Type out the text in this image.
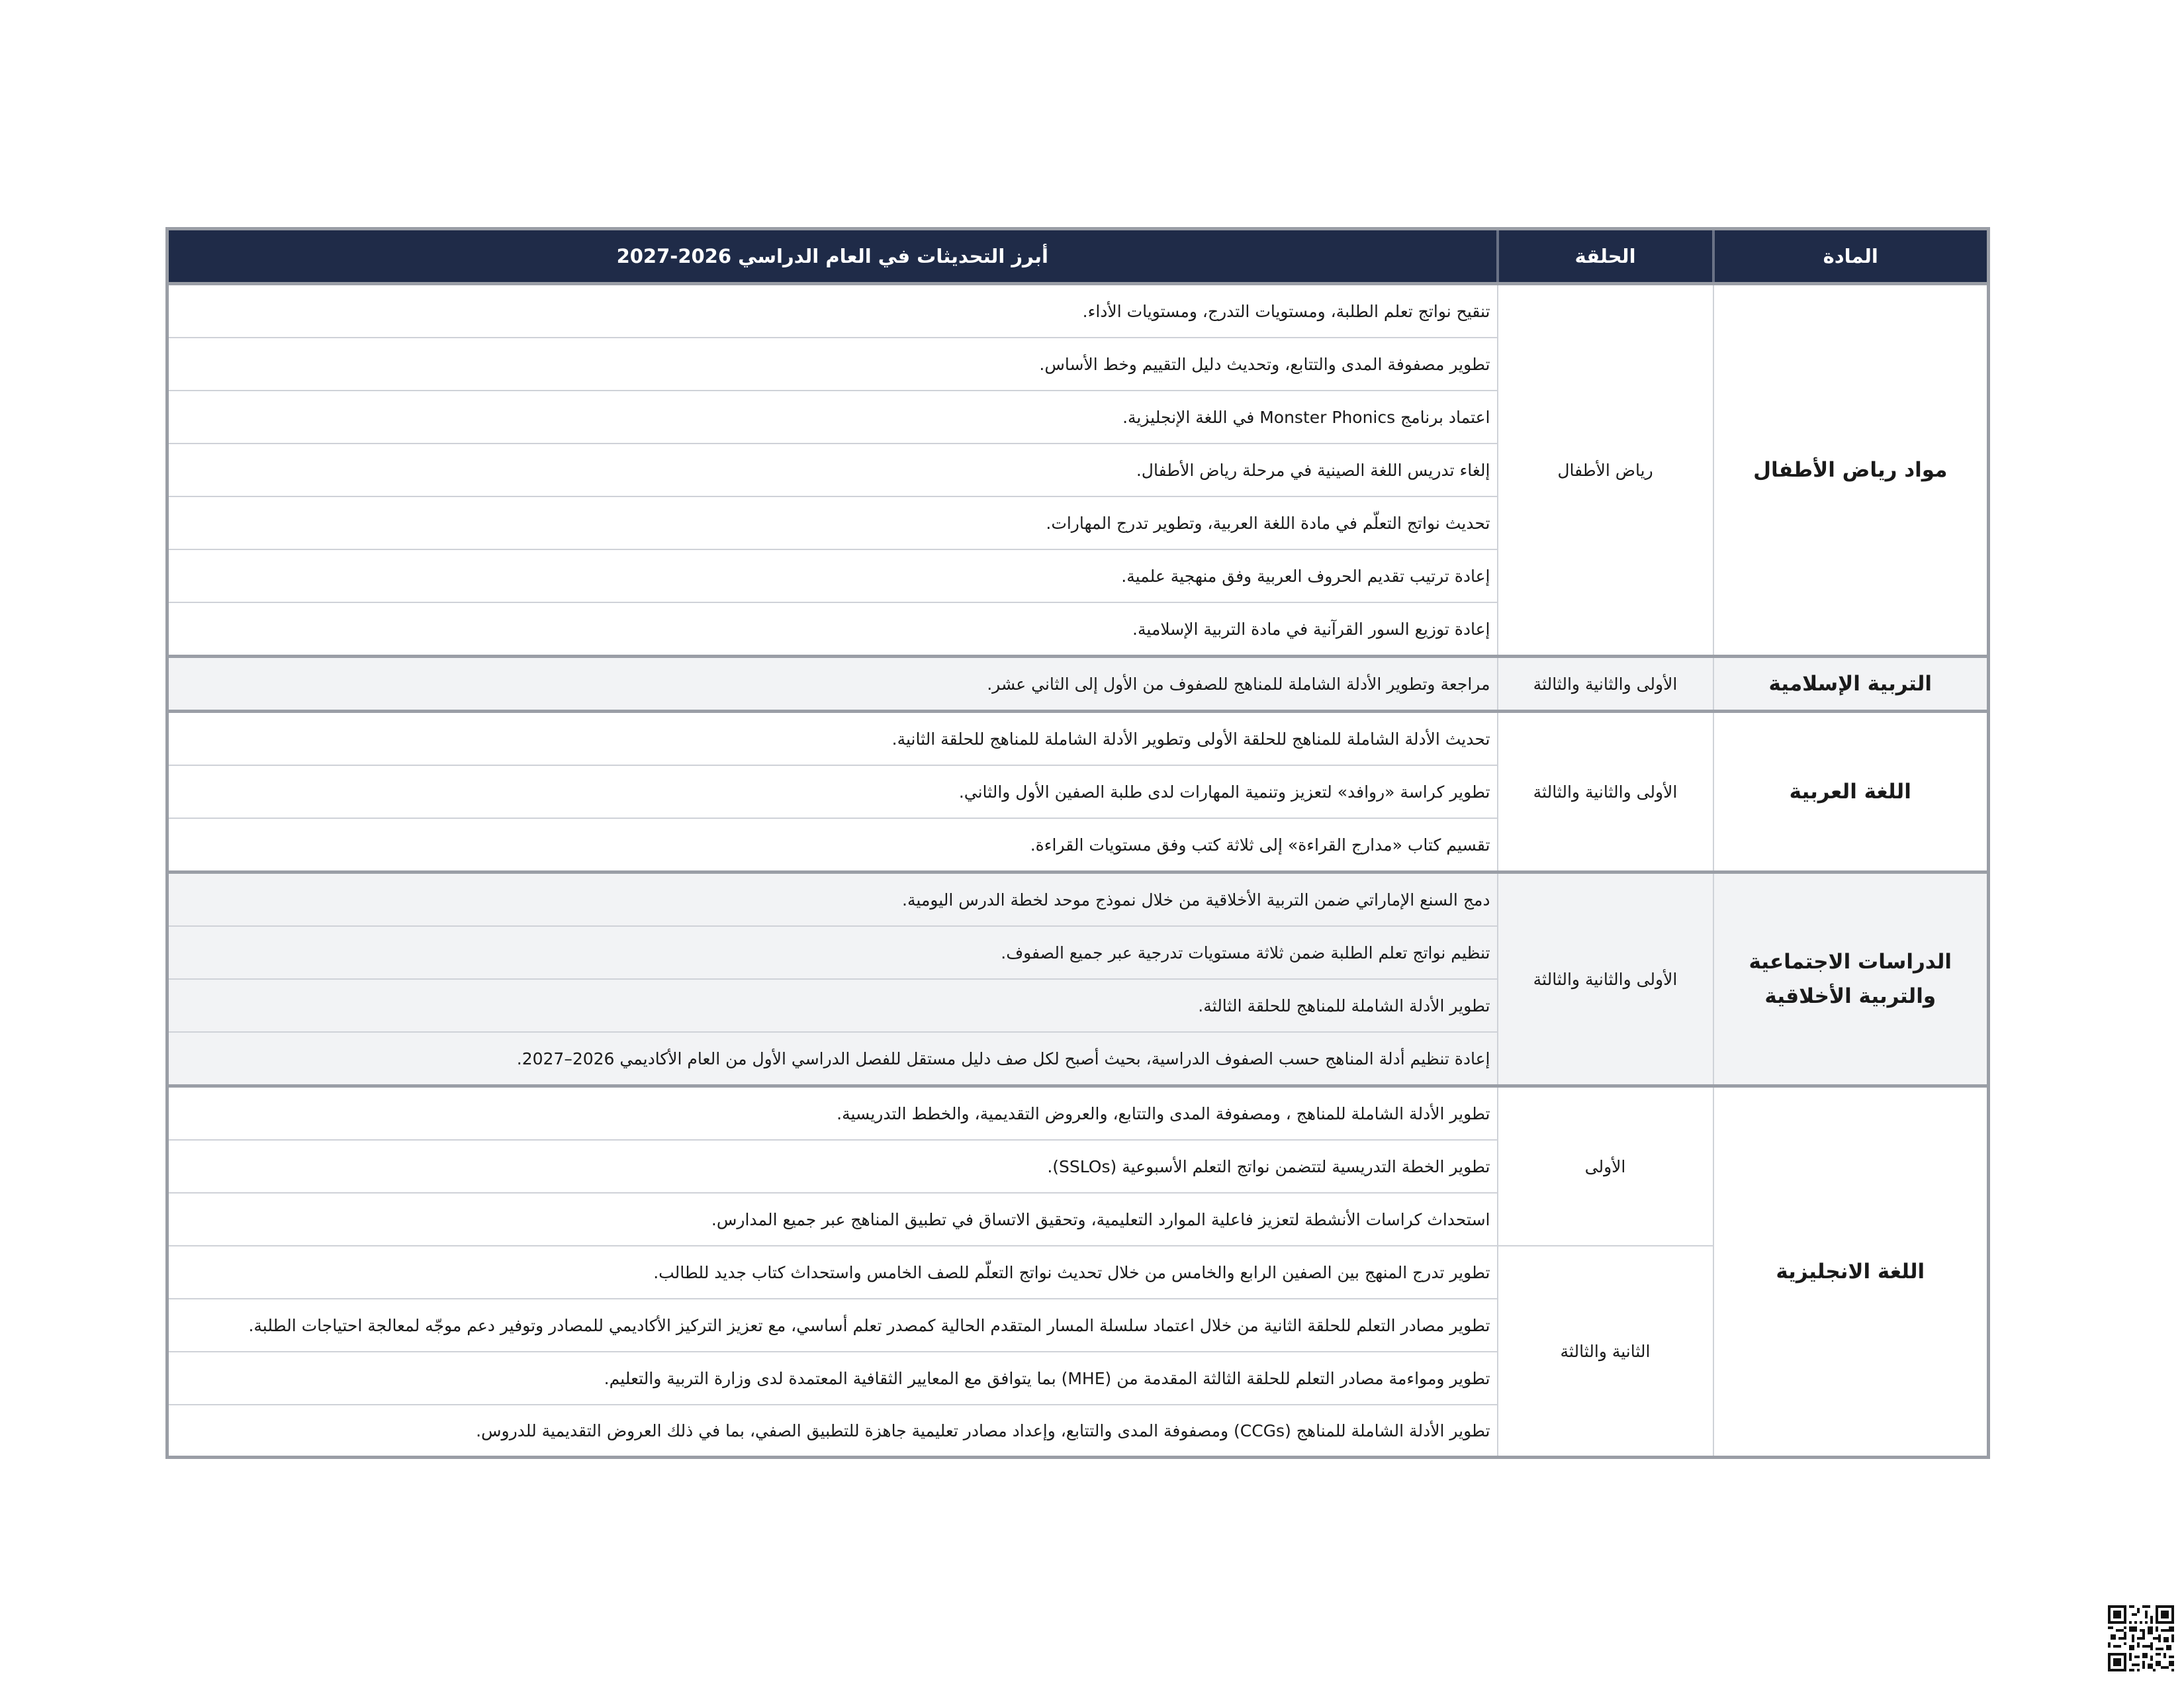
المادة	الحلقة	أبرز التحديثات في العام الدراسي 2026-2027
مواد رياض الأطفال	رياض الأطفال	تنقيح نواتج تعلم الطلبة، ومستويات التدرج، ومستويات الأداء.
		تطوير مصفوفة المدى والتتابع، وتحديث دليل التقييم وخط الأساس.
		اعتماد برنامج Monster Phonics في اللغة الإنجليزية.
		إلغاء تدريس اللغة الصينية في مرحلة رياض الأطفال.
		تحديث نواتج التعلّم في مادة اللغة العربية، وتطوير تدرج المهارات.
		إعادة ترتيب تقديم الحروف العربية وفق منهجية علمية.
		إعادة توزيع السور القرآنية في مادة التربية الإسلامية.
التربية الإسلامية	الأولى والثانية والثالثة	مراجعة وتطوير الأدلة الشاملة للمناهج للصفوف من الأول إلى الثاني عشر.
اللغة العربية	الأولى والثانية والثالثة	تحديث الأدلة الشاملة للمناهج للحلقة الأولى وتطوير الأدلة الشاملة للمناهج للحلقة الثانية.
		تطوير كراسة «روافد» لتعزيز وتنمية المهارات لدى طلبة الصفين الأول والثاني.
		تقسيم كتاب «مدارج القراءة» إلى ثلاثة كتب وفق مستويات القراءة.
الدراسات الاجتماعية والتربية الأخلاقية	الأولى والثانية والثالثة	دمج السنع الإماراتي ضمن التربية الأخلاقية من خلال نموذج موحد لخطة الدرس اليومية.
		تنظيم نواتج تعلم الطلبة ضمن ثلاثة مستويات تدرجية عبر جميع الصفوف.
		تطوير الأدلة الشاملة للمناهج للحلقة الثالثة.
		إعادة تنظيم أدلة المناهج حسب الصفوف الدراسية، بحيث أصبح لكل صف دليل مستقل للفصل الدراسي الأول من العام الأكاديمي 2026–2027.
اللغة الانجليزية	الأولى	تطوير الأدلة الشاملة للمناهج ، ومصفوفة المدى والتتابع، والعروض التقديمية، والخطط التدريسية.
		تطوير الخطة التدريسية لتتضمن نواتج التعلم الأسبوعية (SSLOs).
		استحداث كراسات الأنشطة لتعزيز فاعلية الموارد التعليمية، وتحقيق الاتساق في تطبيق المناهج عبر جميع المدارس.
	الثانية والثالثة	تطوير تدرج المنهج بين الصفين الرابع والخامس من خلال تحديث نواتج التعلّم للصف الخامس واستحداث كتاب جديد للطالب.
		تطوير مصادر التعلم للحلقة الثانية من خلال اعتماد سلسلة المسار المتقدم الحالية كمصدر تعلم أساسي، مع تعزيز التركيز الأكاديمي للمصادر وتوفير دعم موجّه لمعالجة احتياجات الطلبة.
		تطوير ومواءمة مصادر التعلم للحلقة الثالثة المقدمة من (MHE) بما يتوافق مع المعايير الثقافية المعتمدة لدى وزارة التربية والتعليم.
		تطوير الأدلة الشاملة للمناهج (CCGs) ومصفوفة المدى والتتابع، وإعداد مصادر تعليمية جاهزة للتطبيق الصفي، بما في ذلك العروض التقديمية للدروس.
